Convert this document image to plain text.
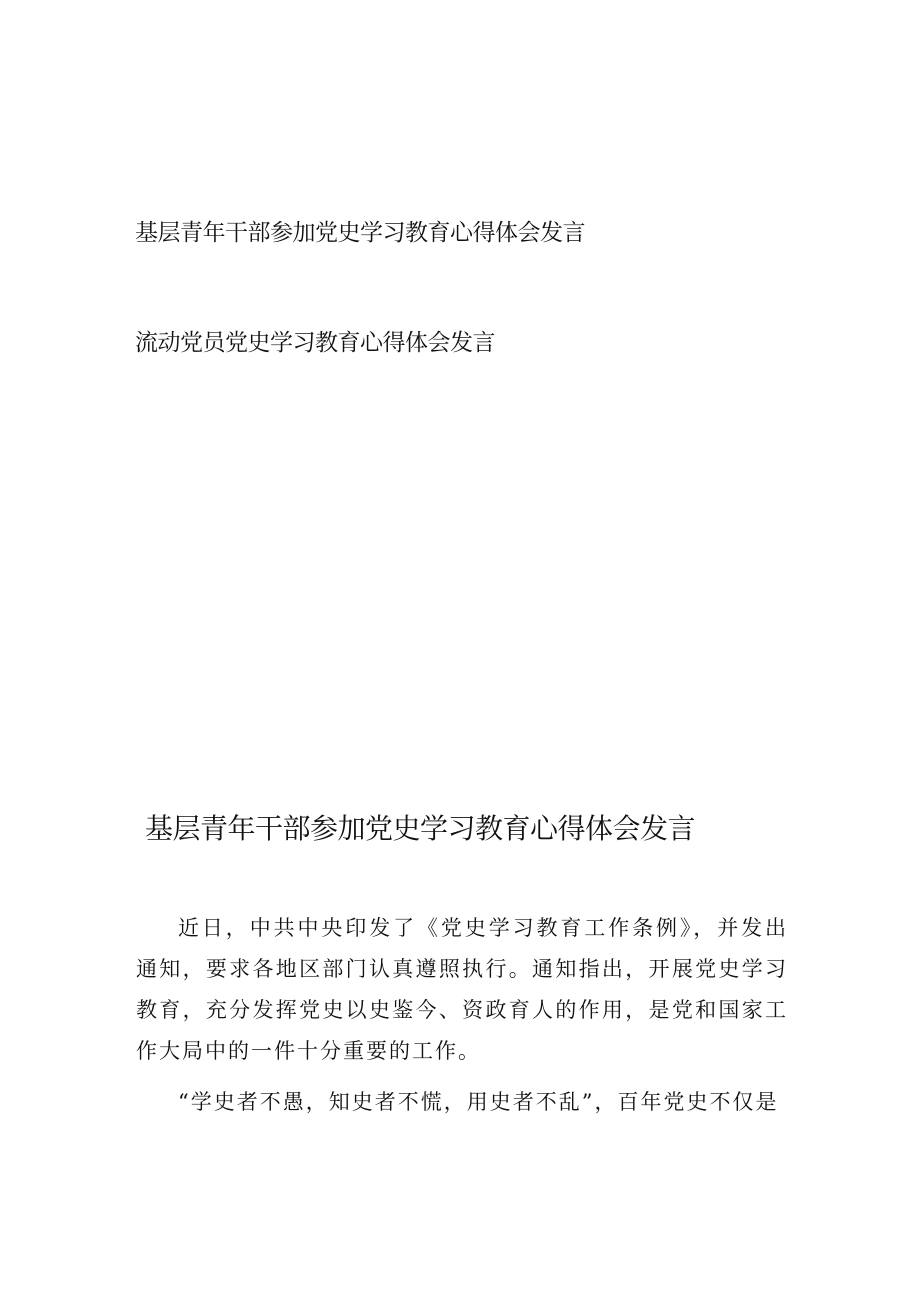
基层青年干部参加党史学习教育心得体会发言
流动党员党史学习教育心得体会发言
基层青年干部参加党史学习教育心得体会发言

近日，中共中央印发了《党史学习教育工作条例》，并发出通知，要求各地区部门认真遵照执行。通知指出，开展党史学习教育，充分发挥党史以史鉴今、资政育人的作用，是党和国家工作大局中的一件十分重要的工作。

“学史者不愚，知史者不慌，用史者不乱”，百年党史不仅是
